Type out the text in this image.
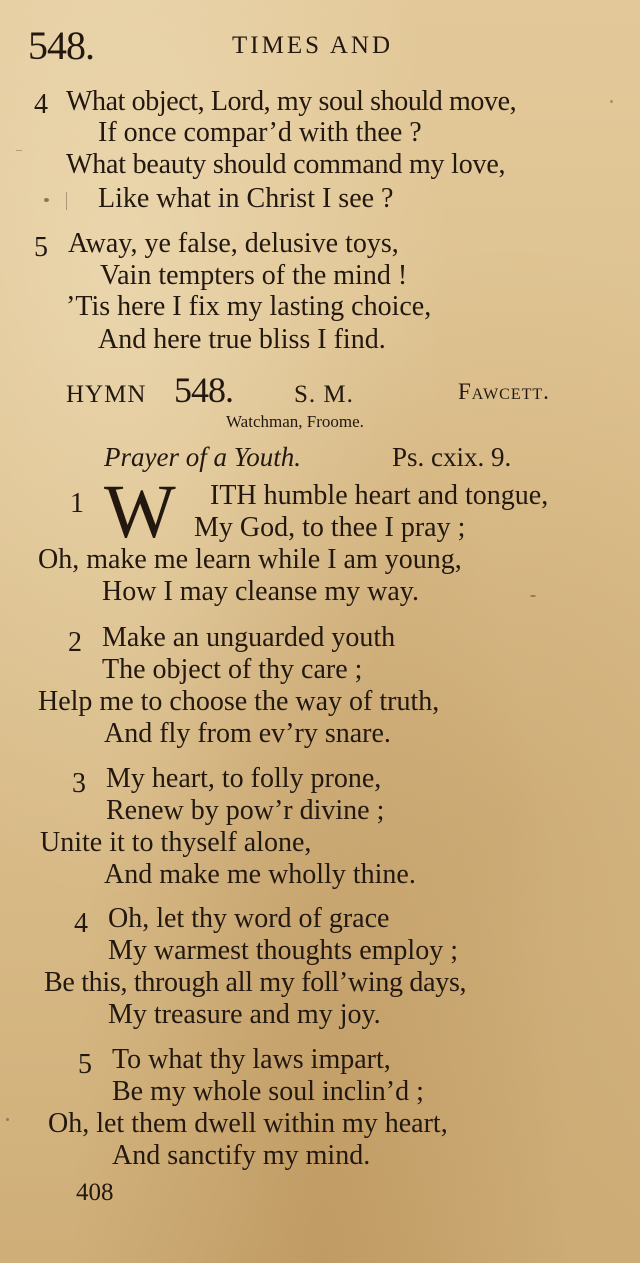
548.	TIMES AND
4 What object, Lord, my soul should move,
If once compar’d with thee ?
What beauty should command my love,
Like what in Christ I see ?
5 Away, ye false, delusive toys,
Vain tempters of the mind !
’Tis here I fix my lasting choice,
And here true bliss I find.
HYMN 548. S. M.	Fawcett.
Watchman, Froome.
Prayer of a Youth.	Ps. cxix. 9.
1 W ITH humble heart and tongue,
My God, to thee I pray ;
Oh, make me learn while I am young,
How I may cleanse my way.
2 Make an unguarded youth
The object of thy care ;
Help me to choose the way of truth,
And fly from ev’ry snare.
3 My heart, to folly prone,
Renew by pow’r divine ;
Unite it to thyself alone,
And make me wholly thine.
4 Oh, let thy word of grace
My warmest thoughts employ ;
Be this, through all my foll’wing days,
My treasure and my joy.
5 To what thy laws impart,
Be my whole soul inclin’d ;
Oh, let them dwell within my heart,
And sanctify my mind.
408
